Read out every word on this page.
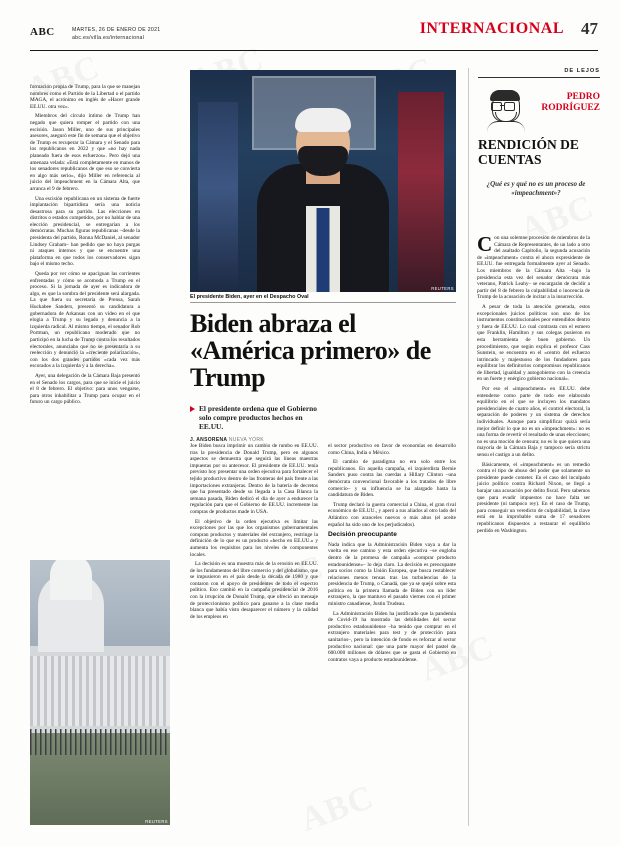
ABC	MARTES, 26 DE ENERO DE 2021
abc.es/villa.es/internacional
INTERNACIONAL 47

formación propia de Trump, para la que se manejan nombres como el Partido de la Libertad o el partido MAGA, el acrónimo en inglés de «Hacer grande EE.UU. otra vez».

Miembros del círculo íntimo de Trump han negado que quiera romper el partido con una escisión. Jason Miller, uno de sus principales asesores, aseguró este fin de semana que el objetivo de Trump es recuperar la Cámara y el Senado para los republicanos en 2022 y que «no hay nada planeado fuera de esos esfuerzos». Pero dejó una amenaza velada: «Está completamente en manos de los senadores republicanos de que eso se convierta en algo más serio», dijo Miller en referencia al juicio del impeachment en la Cámara Alta, que arranca el 9 de febrero.

Una escisión republicana en un sistema de fuerte implantación bipartidista sería una noticia desastrosa para su partido. Las elecciones en distritos o estados competidos, por no hablar de una elección presidencial, se entregarían a los demócratas. Muchas figuras republicanas –desde la presidenta del partido, Ronna McDaniel, al senador Lindsey Graham– han pedido que no haya purgas ni ataques internos y que se encuentre una plataforma en que todos los conservadores sigan bajo el mismo techo.

Queda por ver cómo se apaciguan las corrientes enfrentadas y cómo se acomoda a Trump en el proceso. Si la jornada de ayer es indicadora de algo, es que la sombra del presidente será alargada. La que fuera su secretaria de Prensa, Sarah Huckabee Sanders, presentó su candidatura a gobernadora de Arkansas con un vídeo en el que elogia a Trump y su legado y denuncia a la izquierda radical. Al mismo tiempo, el senador Rob Portman, un republicano moderado que no participó en la lucha de Trump contra los resultados electorales, anunciaba que no se presentaría a su reelección y denunció la «creciente polarización», con los dos grandes partidos «cada vez más escorados a la izquierda y a la derecha».

Ayer, una delegación de la Cámara Baja presentó en el Senado los cargos, para que se inicie el juicio el 8 de febrero. El objetivo: para unos vengarse, para otros inhabilitar a Trump para ocupar en el futuro un cargo público.

REUTERS
El presidente Biden, ayer en el Despacho Oval
Biden abraza el «América primero» de Trump
El presidente ordena que el Gobierno solo compre productos hechos en EE.UU.
J. ANSORENA NUEVA YORK

Joe Biden busca imprimir un cambio de rumbo en EE.UU. tras la presidencia de Donald Trump, pero en algunos aspectos se demuestra que seguirá las líneas maestras impuestas por su antecesor. El presidente de EE.UU. tenía previsto hoy presentar una orden ejecutiva para fortalecer el tejido productivo dentro de las fronteras del país frente a las importaciones extranjeras. Dentro de la batería de decretos que ha presentado desde su llegada a la Casa Blanca la semana pasada, Biden dedicó el día de ayer a endurecer la regulación para que el Gobierno de EE.UU. incremente las compras de productos made in USA.

El objetivo de la orden ejecutiva es limitar las excepciones por las que los organismos gubernamentales compran productos y materiales del extranjero, restringe la definición de lo que es un producto «hecho en EE.UU.» y aumenta los requisitos para los niveles de componentes locales.

La decisión es una muestra más de la erosión en EE.UU. de los fundamentos del libre comercio y del globalismo, que se impusieron en el país desde la década de 1980 y que contaron con el apoyo de presidentes de todo el espectro político. Eso cambió en la campaña presidencial de 2016 con la irrupción de Donald Trump, que ofreció un mensaje de proteccionismo político para ganarse a la clase media blanca que había visto desaparecer el número y la calidad de los empleos en

el sector productivo en favor de economías en desarrollo como China, India o México.

El cambio de paradigma no era solo entre los republicanos. En aquella campaña, el izquierdista Bernie Sanders puso contra las cuerdas a Hillary Clinton –una demócrata convencional favorable a los tratados de libre comercio– y su influencia se ha alargado hasta la candidatura de Biden.

Trump declaró la guerra comercial a China, el gran rival económico de EE.UU., y aperó a sus aliados al otro lado del Atlántico con aranceles nuevos o más altos (el aceite español ha sido uno de los perjudicados).

Decisión preocupante

Nada indica que la Administración Biden vaya a dar la vuelta en ese camino y esta orden ejecutiva –se engloba dentro de la promesa de campaña «comprar producto estadounidense»– lo deja claro. La decisión es preocupante para socios como la Unión Europea, que busca restablecer relaciones menos tensas tras las turbulencias de la presidencia de Trump, o Canadá, que ya se quejó sobre esta política en la primera llamada de Biden con un líder extranjero, la que mantuvo el pasado viernes con el primer ministro canadiense, Justin Trudeau.

La Administración Biden ha justificado que la pandemia de Covid-19 ha mostrado las debilidades del sector productivo estadounidense –ha tenido que comprar en el extranjero materiales para test y de protección para sanitarios–, pero la intención de fondo es reforzar al sector productivo nacional: que una parte mayor del pastel de 600.000 millones de dólares que se gasta el Gobierno en contratos vaya a producto estadounidense.

DE LEJOS
PEDRO
RODRÍGUEZ
RENDICIÓN DE CUENTAS
¿Qué es y qué no es un proceso de «impeachment»?

Con una solemne procesión de miembros de la Cámara de Representantes, de un lado a otro del asaltado Capitolio, la segunda acusación de «impeachment» contra el ahora expresidente de EE.UU. fue entregada formalmente ayer al Senado. Los miembros de la Cámara Alta –bajo la presidencia esta vez del senador demócrata más veterano, Patrick Leahy– se encargarán de decidir a partir del 8 de febrero la culpabilidad o inocencia de Trump de la acusación de incitar a la insurrección.

A pesar de toda la atención generada, estos excepcionales juicios políticos son uno de los instrumentos constitucionales peor entendidos dentro y fuera de EE.UU. Lo cual contrasta con el esmero que Franklin, Hamilton y sus colegas pusieron en esta herramienta de buen gobierno. Un procedimiento, que según explica el profesor Cass Sunstein, se encuentra en el «centro del esfuerzo intrincado y majestuoso de los fundadores para equilibrar los definitorios compromisos republicanos de libertad, igualdad y autogobierno con la creencia en un fuerte y enérgico gobierno nacional».

Por eso el «impeachment» en EE.UU. debe entenderse como parte de todo ese elaborado equilibrio en el que se incluyen los mandatos presidenciales de cuatro años, el control electoral, la separación de poderes y un sistema de derechos individuales. Aunque para simplificar quizá sería mejor definir lo que no es un «impeachment»: no es una forma de revertir el resultado de unas elecciones; no es una moción de censura; no es lo que quiera una mayoría de la Cámara Baja y tampoco sería strictu sensu el castigo a un delito.

Básicamente, el «impeachment» es un remedio contra el tipo de abuso del poder que solamente un presidente puede cometer. En el caso del inculpado juicio político contra Richard Nixon, se llegó a barajar una acusación por delito fiscal. Pero sabemos que para evadir impuestos no hace falta ser presidente (ni tampoco rey). En el caso de Trump, para conseguir un veredicto de culpabilidad, la clave está en la improbable suma de 17 senadores republicanos dispuestos a restaurar el equilibrio perdido en Washington.

REUTERS
